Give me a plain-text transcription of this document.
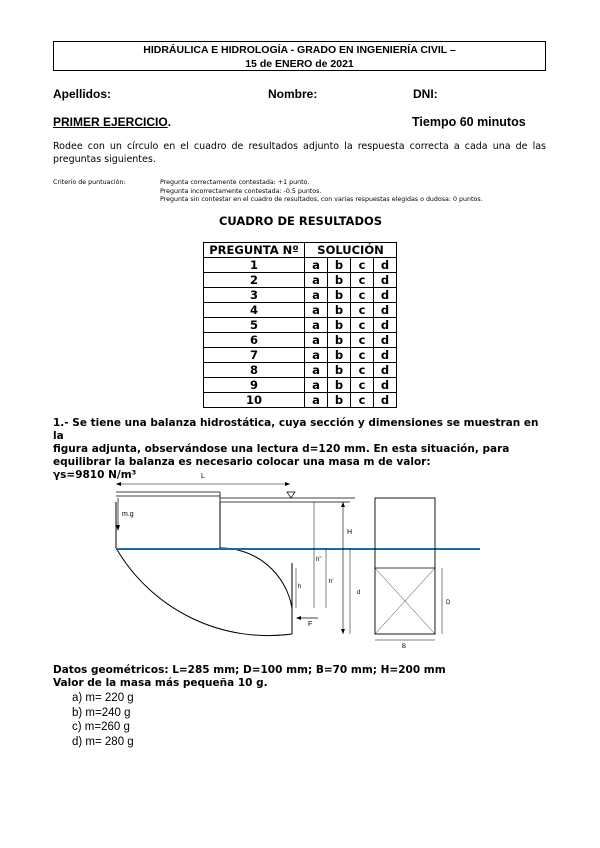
HIDRÁULICA E HIDROLOGÍA - GRADO EN INGENIERÍA CIVIL –
15 de ENERO de 2021
Apellidos:	Nombre:	DNI:
PRIMER EJERCICIO.	Tiempo 60 minutos
Rodee con un círculo en el cuadro de resultados adjunto la respuesta correcta a cada una de las preguntas siguientes.
Criterio de puntuación:	Pregunta correctamente contestada: +1 punto.
Pregunta incorrectamente contestada: -0.5 puntos.
Pregunta sin contestar en el cuadro de resultados, con varias respuestas elegidas o dudosa: 0 puntos.
CUADRO DE RESULTADOS
PREGUNTA Nº	SOLUCIÓN			
1	a	b	c	d
2	a	b	c	d
3	a	b	c	d
4	a	b	c	d
5	a	b	c	d
6	a	b	c	d
7	a	b	c	d
8	a	b	c	d
9	a	b	c	d
10	a	b	c	d
1.- Se tiene una balanza hidrostática, cuya sección y dimensiones se muestran en la
figura adjunta, observándose una lectura d=120 mm. En esta situación, para
equilibrar la balanza es necesario colocar una masa m de valor:
γs=9810 N/m³	L
m.g
H
h''
h'
h
d
F
D
B
Datos geométricos: L=285 mm; D=100 mm; B=70 mm; H=200 mm
Valor de la masa más pequeña 10 g.
a) m= 220 g
b) m=240 g
c) m=260 g
d) m= 280 g
